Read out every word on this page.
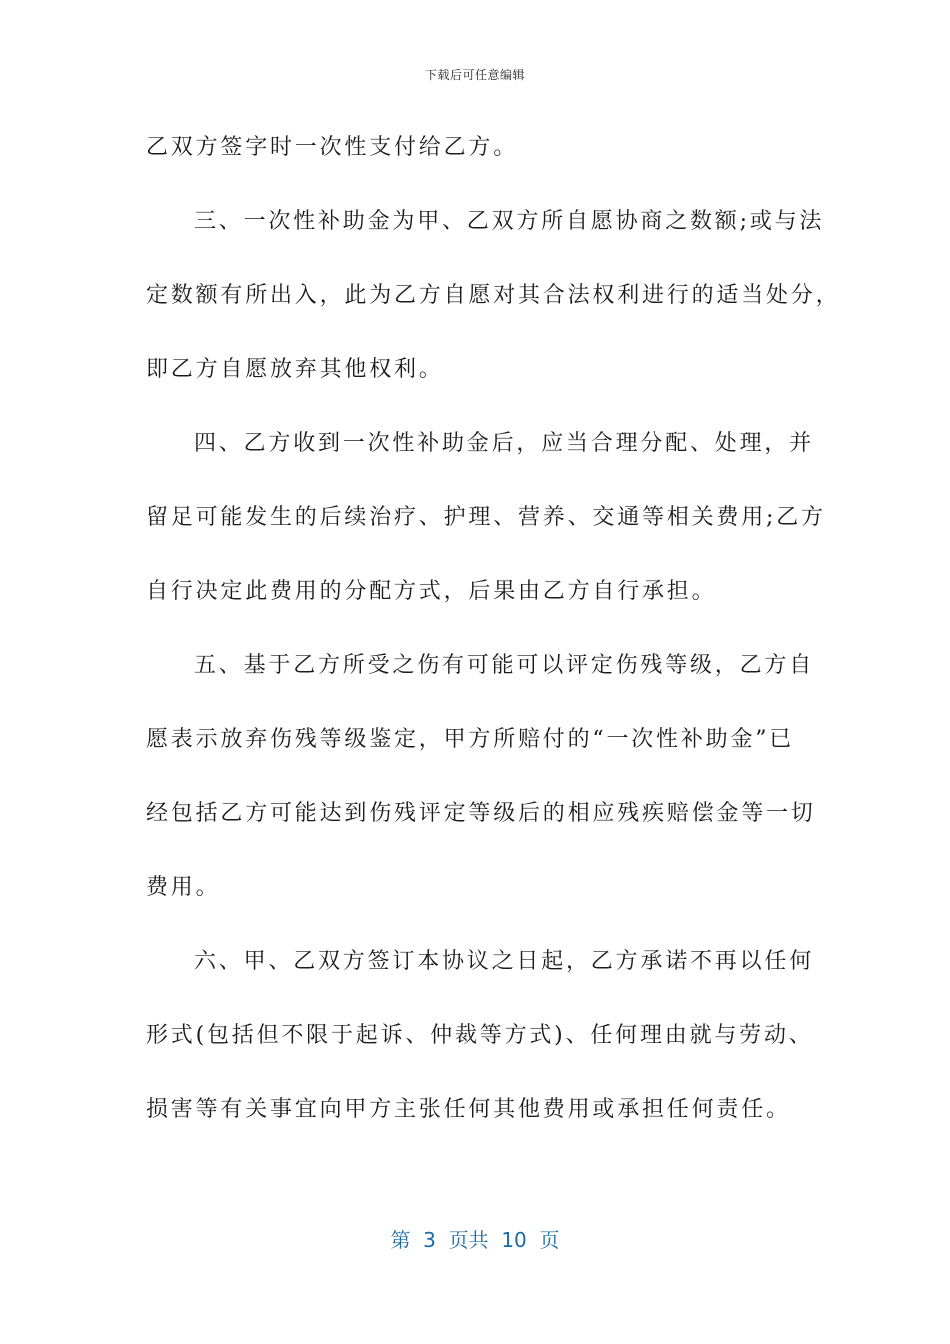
下载后可任意编辑
乙双方签字时一次性支付给乙方。
三、一次性补助金为甲、乙双方所自愿协商之数额;或与法
定数额有所出入，此为乙方自愿对其合法权利进行的适当处分，
即乙方自愿放弃其他权利。
四、乙方收到一次性补助金后，应当合理分配、处理，并
留足可能发生的后续治疗、护理、营养、交通等相关费用;乙方
自行决定此费用的分配方式，后果由乙方自行承担。
五、基于乙方所受之伤有可能可以评定伤残等级，乙方自
愿表示放弃伤残等级鉴定，甲方所赔付的“一次性补助金”已
经包括乙方可能达到伤残评定等级后的相应残疾赔偿金等一切
费用。
六、甲、乙双方签订本协议之日起，乙方承诺不再以任何
形式(包括但不限于起诉、仲裁等方式)、任何理由就与劳动、
损害等有关事宜向甲方主张任何其他费用或承担任何责任。
第  3  页共  10  页
